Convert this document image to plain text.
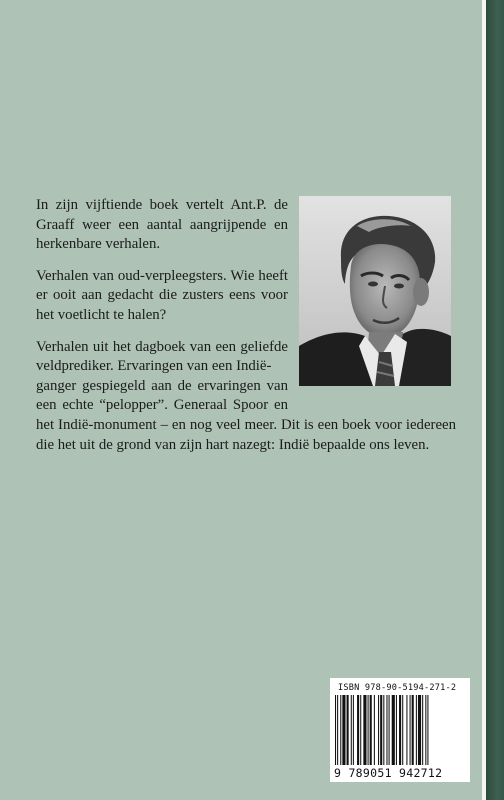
In zijn vijftiende boek vertelt Ant.P. de Graaff weer een aantal aangrijpende en herkenbare verhalen.

Verhalen van oud-verpleegsters. Wie heeft er ooit aan gedacht die zusters eens voor het voetlicht te halen?

Verhalen uit het dagboek van een geliefde
veldprediker. Ervaringen van een Indië-
ganger gespiegeld aan de ervaringen van
een echte “pelopper”. Generaal Spoor en
het Indië-monument – en nog veel meer. Dit is een boek voor iedereen
die het uit de grond van zijn hart nazegt: Indië bepaalde ons leven.

ISBN 978-90-5194-271-2
9 789051 942712
